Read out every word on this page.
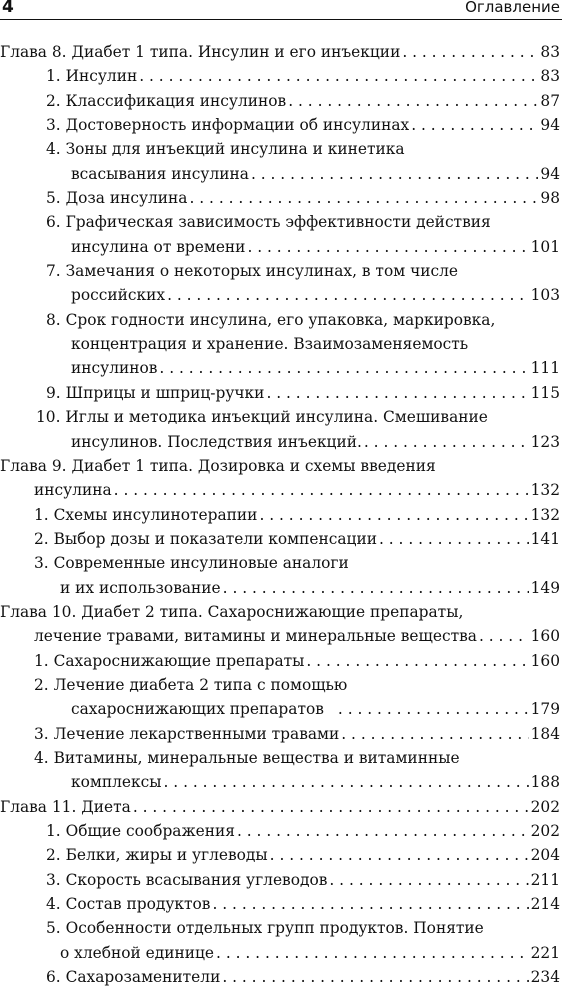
4	Оглавление
Глава 8. Диабет 1 типа. Инсулин и его инъекции . . .	83
1. Инсулин . . .	83
2. Классификация инсулинов . . .	87
3. Достоверность информации об инсулинах . . .	94
4. Зоны для инъекций инсулина и кинетика
всасывания инсулина . . .	94
5. Доза инсулина . . .	98
6. Графическая зависимость эффективности действия
инсулина от времени . . .	101
7. Замечания о некоторых инсулинах, в том числе
российских . . .	103
8. Срок годности инсулина, его упаковка, маркировка,
концентрация и хранение. Взаимозаменяемость
инсулинов . . .	111
9. Шприцы и шприц-ручки . . .	115
10. Иглы и методика инъекций инсулина. Смешивание
инсулинов. Последствия инъекций. . . .	123
Глава 9. Диабет 1 типа. Дозировка и схемы введения
инсулина . . .	132
1. Схемы инсулинотерапии . . .	132
2. Выбор дозы и показатели компенсации . . .	141
3. Современные инсулиновые аналоги
и их использование . . .	149
Глава 10. Диабет 2 типа. Сахароснижающие препараты,
лечение травами, витамины и минеральные вещества . . .	160
1. Сахароснижающие препараты . . .	160
2. Лечение диабета 2 типа с помощью
сахароснижающих препаратов . . .	179
3. Лечение лекарственными травами . . .	184
4. Витамины, минеральные вещества и витаминные
комплексы . . .	188
Глава 11. Диета . . .	202
1. Общие соображения . . .	202
2. Белки, жиры и углеводы . . .	204
3. Скорость всасывания углеводов . . .	211
4. Состав продуктов . . .	214
5. Особенности отдельных групп продуктов. Понятие
о хлебной единице . . .	221
6. Сахарозаменители . . .	234
